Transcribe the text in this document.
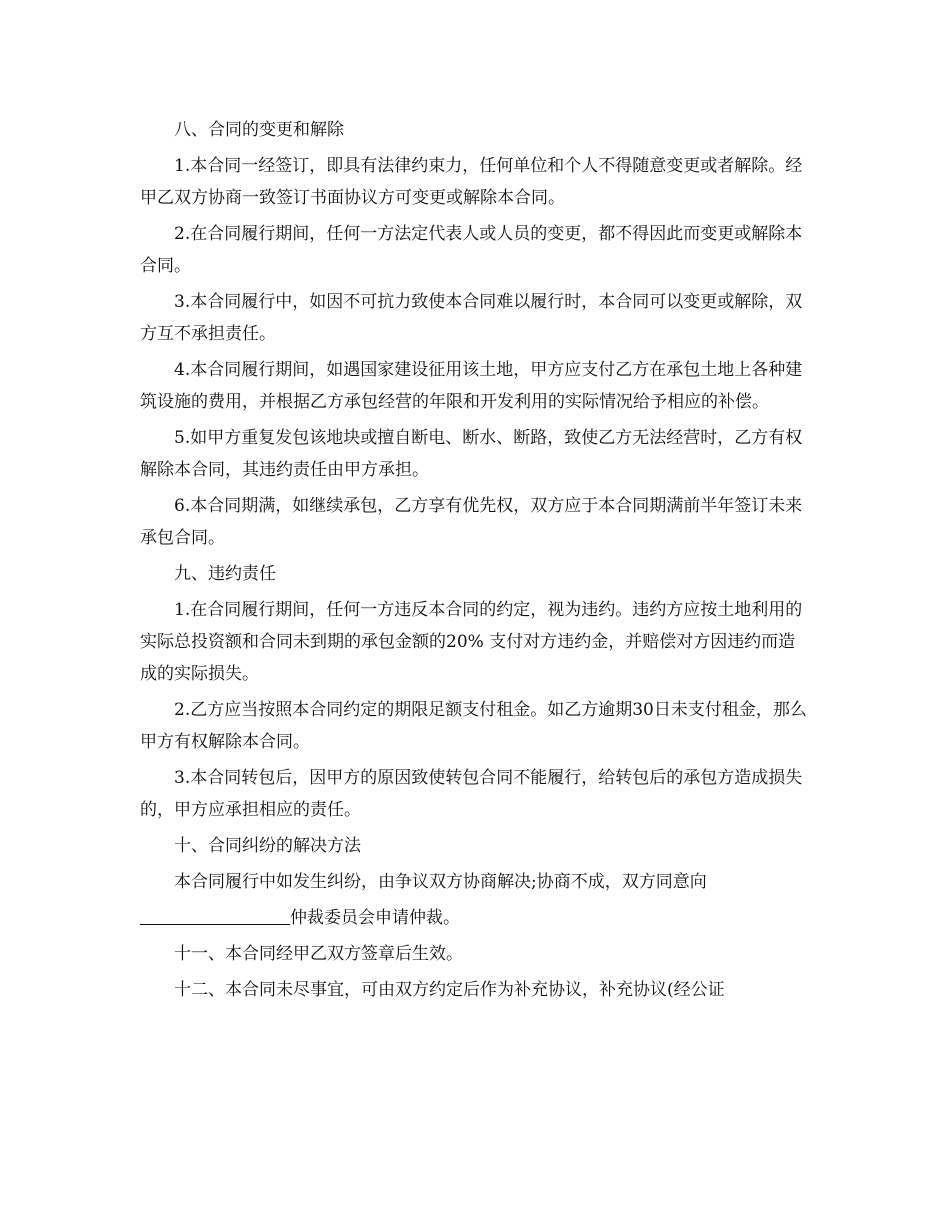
八、合同的变更和解除

1.本合同一经签订，即具有法律约束力，任何单位和个人不得随意变更或者解除。经甲乙双方协商一致签订书面协议方可变更或解除本合同。

2.在合同履行期间，任何一方法定代表人或人员的变更，都不得因此而变更或解除本合同。

3.本合同履行中，如因不可抗力致使本合同难以履行时，本合同可以变更或解除，双方互不承担责任。

4.本合同履行期间，如遇国家建设征用该土地，甲方应支付乙方在承包土地上各种建筑设施的费用，并根据乙方承包经营的年限和开发利用的实际情况给予相应的补偿。

5.如甲方重复发包该地块或擅自断电、断水、断路，致使乙方无法经营时，乙方有权解除本合同，其违约责任由甲方承担。

6.本合同期满，如继续承包，乙方享有优先权，双方应于本合同期满前半年签订未来承包合同。

九、违约责任

1.在合同履行期间，任何一方违反本合同的约定，视为违约。违约方应按土地利用的实际总投资额和合同未到期的承包金额的20% 支付对方违约金，并赔偿对方因违约而造成的实际损失。

2.乙方应当按照本合同约定的期限足额支付租金。如乙方逾期30日未支付租金，那么甲方有权解除本合同。

3.本合同转包后，因甲方的原因致使转包合同不能履行，给转包后的承包方造成损失的，甲方应承担相应的责任。

十、合同纠纷的解决方法

本合同履行中如发生纠纷，由争议双方协商解决;协商不成，双方同意向

仲裁委员会申请仲裁。

十一、本合同经甲乙双方签章后生效。

十二、本合同未尽事宜，可由双方约定后作为补充协议，补充协议(经公证
